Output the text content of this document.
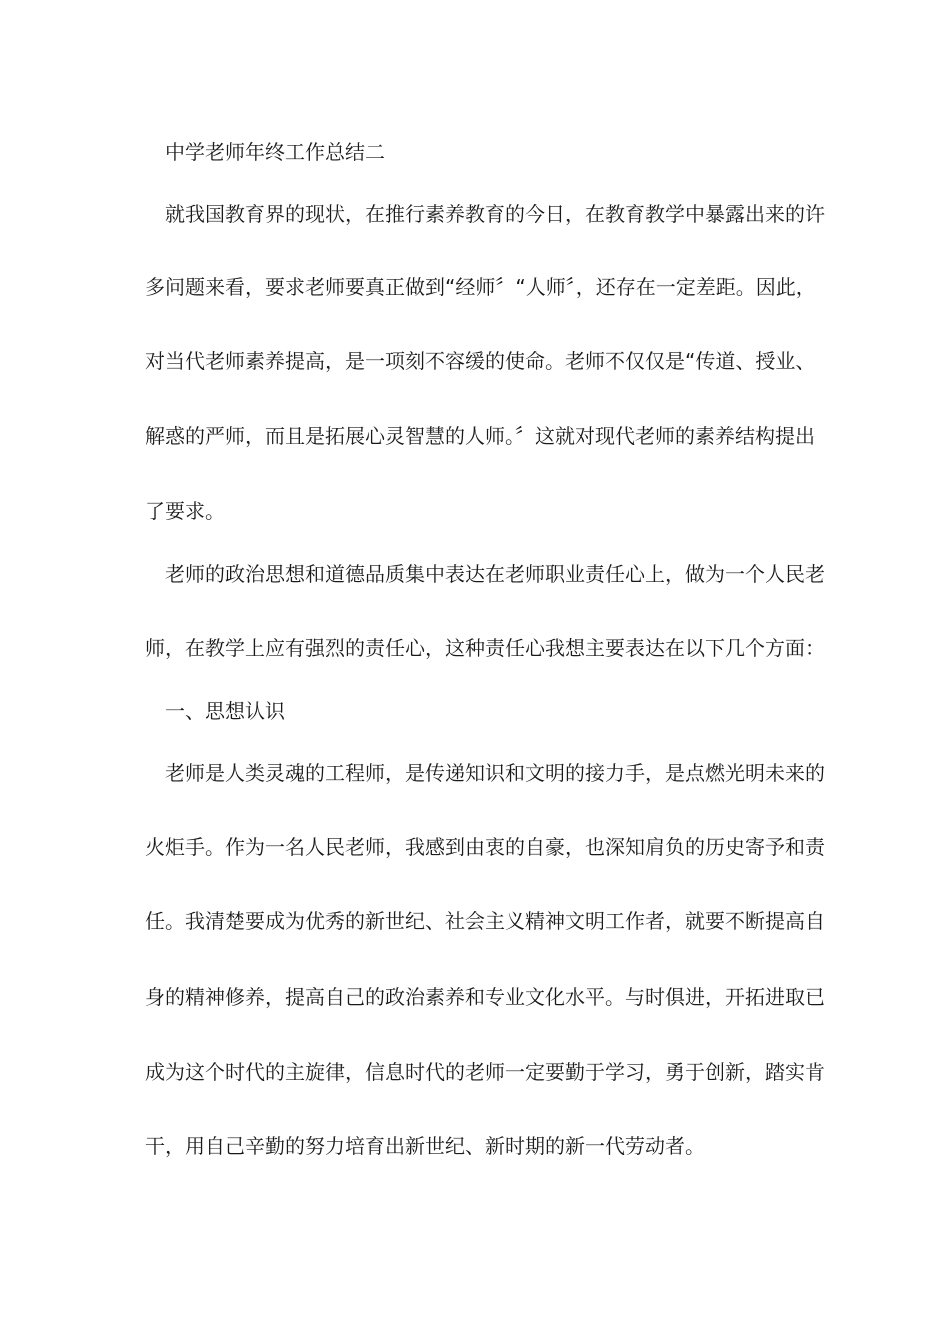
中学老师年终工作总结二
就我国教育界的现状，在推行素养教育的今日，在教育教学中暴露出来的许
多问题来看，要求老师要真正做到“经师〞“人师〞，还存在一定差距。因此，
对当代老师素养提高，是一项刻不容缓的使命。老师不仅仅是“传道、授业、
解惑的严师，而且是拓展心灵智慧的人师。〞这就对现代老师的素养结构提出
了要求。
老师的政治思想和道德品质集中表达在老师职业责任心上，做为一个人民老
师，在教学上应有强烈的责任心，这种责任心我想主要表达在以下几个方面：
一、思想认识
老师是人类灵魂的工程师，是传递知识和文明的接力手，是点燃光明未来的
火炬手。作为一名人民老师，我感到由衷的自豪，也深知肩负的历史寄予和责
任。我清楚要成为优秀的新世纪、社会主义精神文明工作者，就要不断提高自
身的精神修养，提高自己的政治素养和专业文化水平。与时俱进，开拓进取已
成为这个时代的主旋律，信息时代的老师一定要勤于学习，勇于创新，踏实肯
干，用自己辛勤的努力培育出新世纪、新时期的新一代劳动者。
